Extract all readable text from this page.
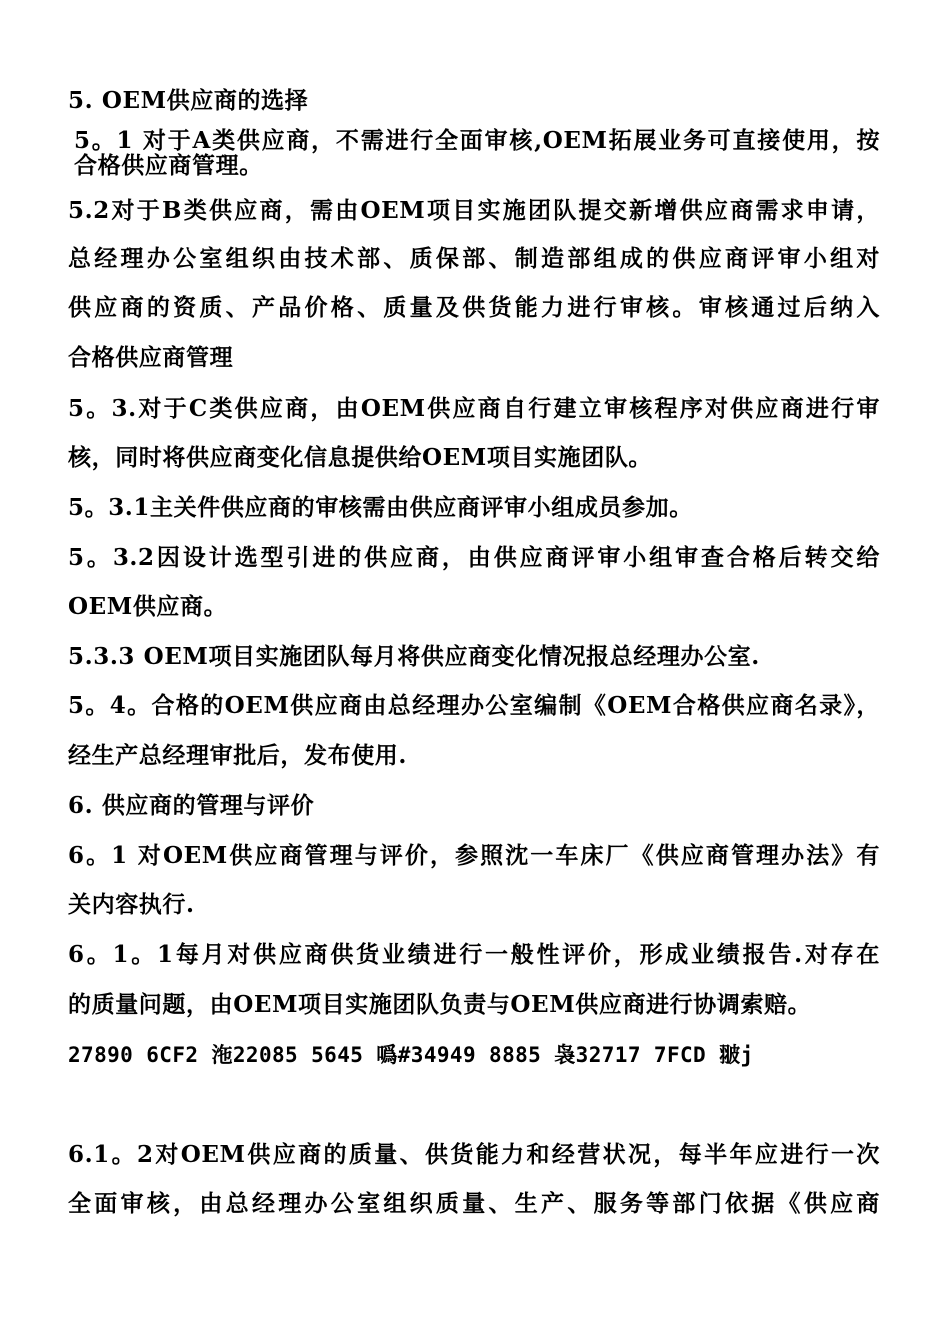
5. OEM供应商的选择
5。1 对于A类供应商，不需进行全面审核,OEM拓展业务可直接使用，按
合格供应商管理。
5.2对于B类供应商，需由OEM项目实施团队提交新增供应商需求申请，
总经理办公室组织由技术部、质保部、制造部组成的供应商评审小组对
供应商的资质、产品价格、质量及供货能力进行审核。审核通过后纳入
合格供应商管理
5。3.对于C类供应商，由OEM供应商自行建立审核程序对供应商进行审
核，同时将供应商变化信息提供给OEM项目实施团队。
5。3.1主关件供应商的审核需由供应商评审小组成员参加。
5。3.2因设计选型引进的供应商，由供应商评审小组审查合格后转交给
OEM供应商。
5.3.3 OEM项目实施团队每月将供应商变化情况报总经理办公室.
5。4。合格的OEM供应商由总经理办公室编制《OEM合格供应商名录》，
经生产总经理审批后，发布使用.
6. 供应商的管理与评价
6。1 对OEM供应商管理与评价，参照沈一车床厂《供应商管理办法》有
关内容执行.
6。1。1每月对供应商供货业绩进行一般性评价，形成业绩报告.对存在
的质量问题，由OEM项目实施团队负责与OEM供应商进行协调索赔。
27890 6CF2 沲22085 5645 噅#34949 8885 袅32717 7FCD 翍j
6.1。2对OEM供应商的质量、供货能力和经营状况，每半年应进行一次
全面审核，由总经理办公室组织质量、生产、服务等部门依据《供应商
